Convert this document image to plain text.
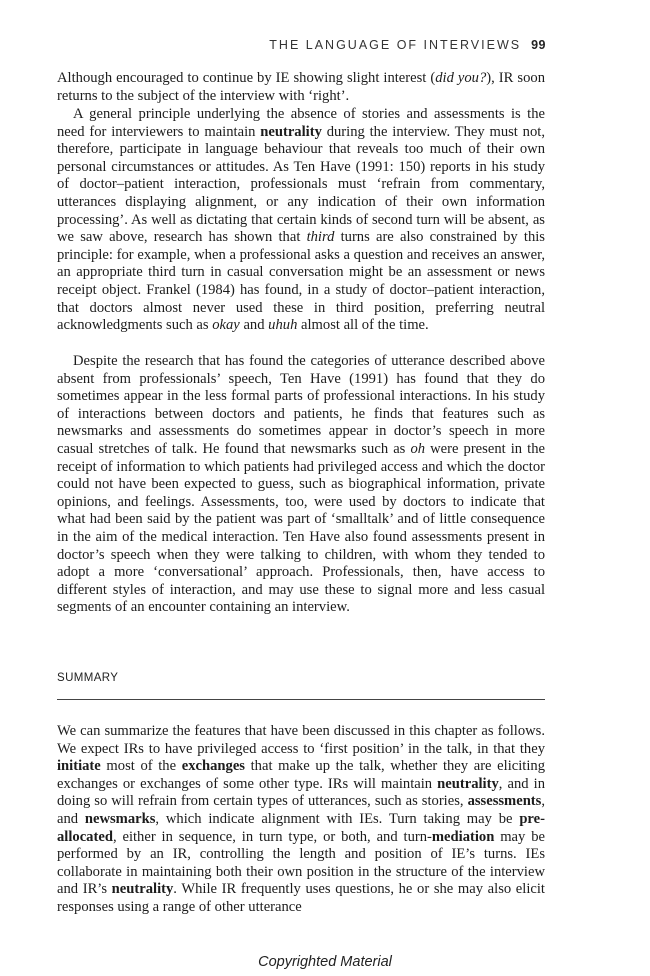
THE LANGUAGE OF INTERVIEWS 99

Although encouraged to continue by IE showing slight interest (did you?), IR soon returns to the subject of the interview with ‘right’.

A general principle underlying the absence of stories and assessments is the need for interviewers to maintain neutrality during the interview. They must not, therefore, participate in language behaviour that reveals too much of their own personal circumstances or attitudes. As Ten Have (1991: 150) reports in his study of doctor–patient interaction, professionals must ‘refrain from commentary, utterances displaying alignment, or any indication of their own information processing’. As well as dictating that certain kinds of second turn will be absent, as we saw above, research has shown that third turns are also constrained by this principle: for example, when a professional asks a question and receives an answer, an appropriate third turn in casual conversation might be an assessment or news receipt object. Frankel (1984) has found, in a study of doctor–patient interaction, that doctors almost never used these in third position, preferring neutral acknowledgments such as okay and uhuh almost all of the time.

Despite the research that has found the categories of utterance described above absent from professionals’ speech, Ten Have (1991) has found that they do sometimes appear in the less formal parts of professional interactions. In his study of interactions between doctors and patients, he finds that features such as newsmarks and assessments do sometimes appear in doctor’s speech in more casual stretches of talk. He found that newsmarks such as oh were present in the receipt of information to which patients had privileged access and which the doctor could not have been expected to guess, such as biographical information, private opinions, and feelings. Assessments, too, were used by doctors to indicate that what had been said by the patient was part of ‘smalltalk’ and of little consequence in the aim of the medical interaction. Ten Have also found assessments present in doctor’s speech when they were talking to children, with whom they tended to adopt a more ‘conversational’ approach. Professionals, then, have access to different styles of interaction, and may use these to signal more and less casual segments of an encounter containing an interview.

SUMMARY

We can summarize the features that have been discussed in this chapter as follows. We expect IRs to have privileged access to ‘first position’ in the talk, in that they initiate most of the exchanges that make up the talk, whether they are eliciting exchanges or exchanges of some other type. IRs will maintain neutrality, and in doing so will refrain from certain types of utterances, such as stories, assessments, and newsmarks, which indicate alignment with IEs. Turn taking may be pre-allocated, either in sequence, in turn type, or both, and turn-mediation may be performed by an IR, controlling the length and position of IE’s turns. IEs collaborate in maintaining both their own position in the structure of the interview and IR’s neutrality. While IR frequently uses questions, he or she may also elicit responses using a range of other utterance

Copyrighted Material
